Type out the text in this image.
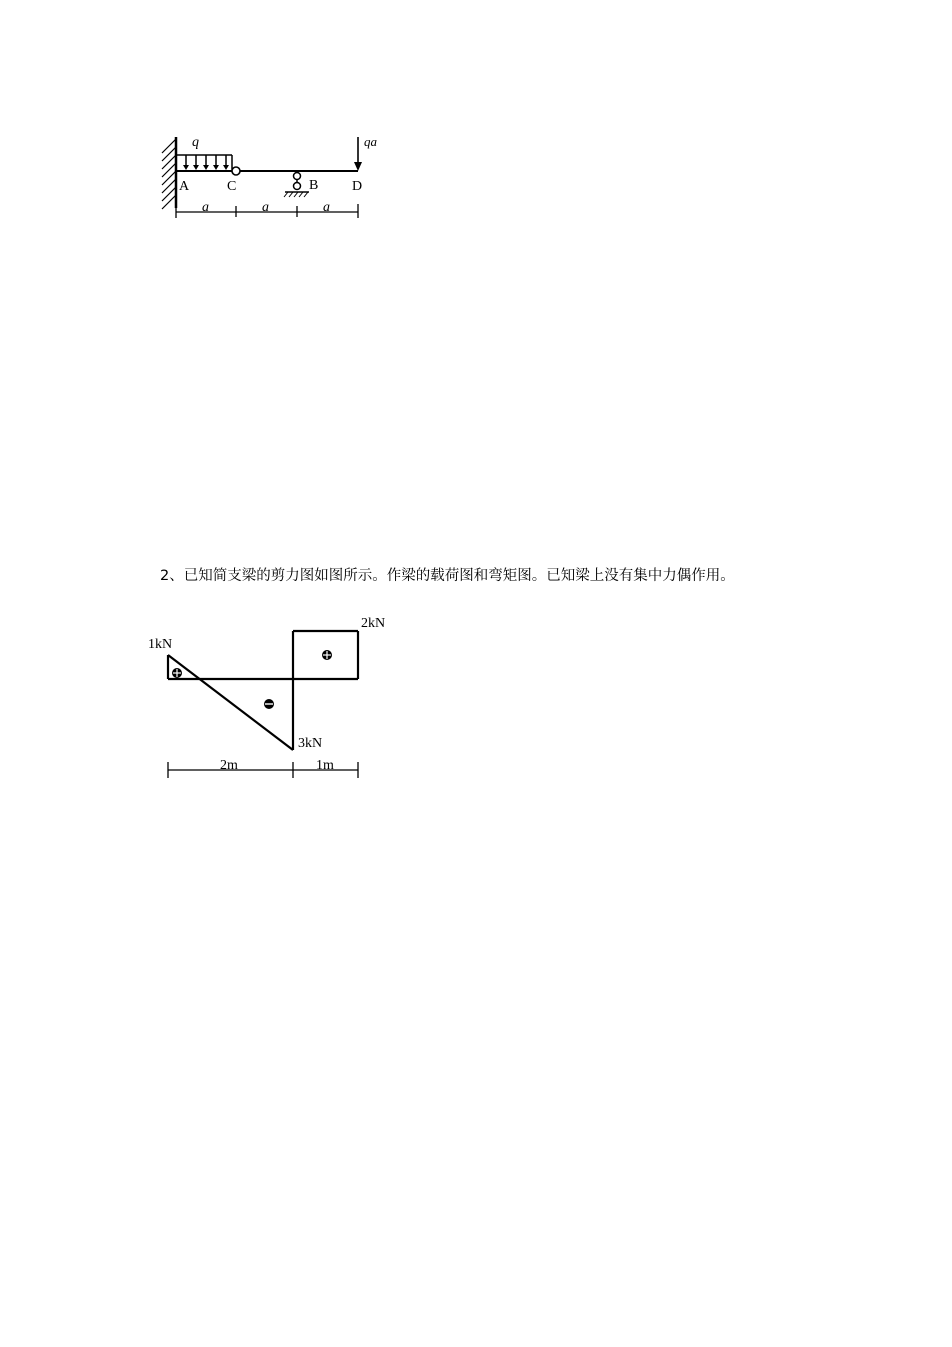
q	qa
A	C	B D
a	a	a
2、已知简支梁的剪力图如图所示。作梁的载荷图和弯矩图。已知梁上没有集中力偶作用。
1kN
2kN
3kN
2m	1m
